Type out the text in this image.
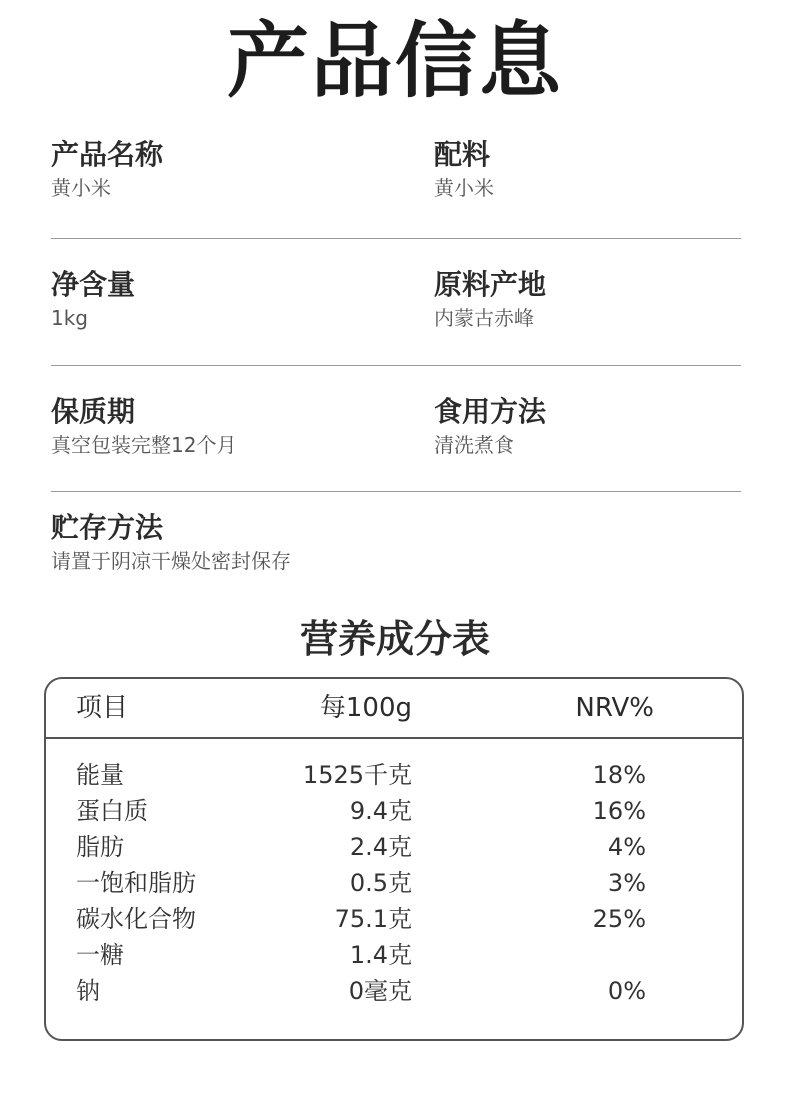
产品信息
产品名称
黄小米
配料
黄小米
净含量
1kg
原料产地
内蒙古赤峰
保质期
真空包装完整12个月
食用方法
清洗煮食
贮存方法
请置于阴凉干燥处密封保存
营养成分表
项目	每100g	NRV%
能量	1525千克	18%
蛋白质	9.4克	16%
脂肪	2.4克	4%
一饱和脂肪	0.5克	3%
碳水化合物	75.1克	25%
一糖	1.4克
钠	0毫克	0%
